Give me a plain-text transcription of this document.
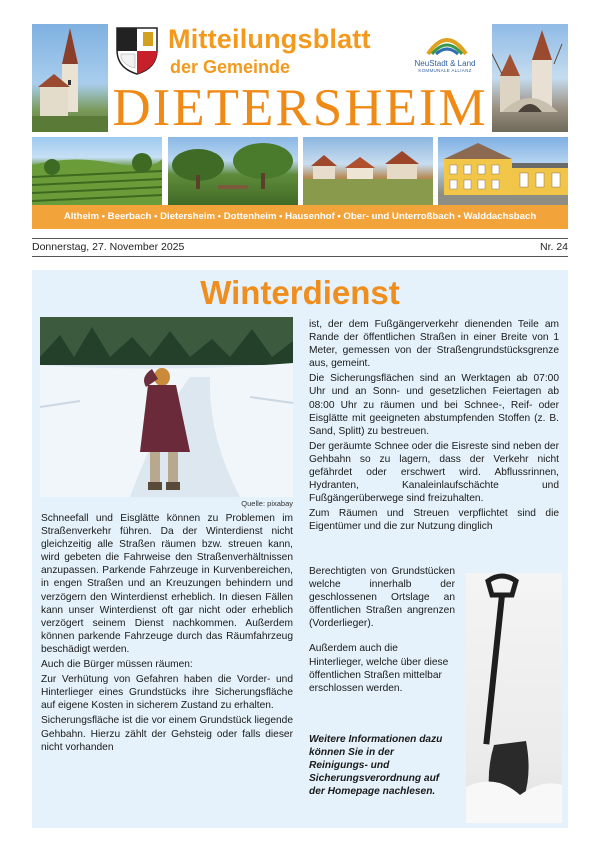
Mitteilungsblatt
der Gemeinde
DIETERSHEIM
NeuStadt & Land
KOMMUNALE ALLIANZ
Altheim • Beerbach • Dietersheim • Dottenheim • Hausenhof • Ober- und Unterroßbach • Walddachsbach
Donnerstag, 27. November 2025	Nr. 24
Winterdienst
Quelle: pixabay

Schneefall und Eisglätte können zu Problemen im Straßenverkehr führen. Da der Winterdienst nicht gleichzeitig alle Straßen räumen bzw. streuen kann, wird gebeten die Fahrweise den Straßenverhältnissen anzupassen. Parkende Fahrzeuge in Kurvenbereichen, in engen Straßen und an Kreuzungen behindern und verzögern den Winterdienst erheblich. In diesen Fällen kann unser Winterdienst oft gar nicht oder erheblich verzögert seinem Dienst nachkommen. Außerdem können parkende Fahrzeuge durch das Räumfahrzeug beschädigt werden.

Auch die Bürger müssen räumen:

Zur Verhütung von Gefahren haben die Vorder- und Hinterlieger eines Grundstücks ihre Sicherungsfläche auf eigene Kosten in sicherem Zustand zu erhalten.

Sicherungsfläche ist die vor einem Grundstück liegende Gehbahn. Hierzu zählt der Gehsteig oder falls dieser nicht vorhanden

ist, der dem Fußgängerverkehr dienenden Teile am Rande der öffentlichen Straßen in einer Breite von 1 Meter, gemessen von der Straßengrundstücksgrenze aus, gemeint.

Die Sicherungsflächen sind an Werktagen ab 07:00 Uhr und an Sonn- und gesetzlichen Feiertagen ab 08:00 Uhr zu räumen und bei Schnee-, Reif- oder Eisglätte mit geeigneten abstumpfenden Stoffen (z. B. Sand, Splitt) zu bestreuen.

Der geräumte Schnee oder die Eisreste sind neben der Gehbahn so zu lagern, dass der Verkehr nicht gefährdet oder erschwert wird. Abflussrinnen, Hydranten, Kanaleinlaufschächte und Fußgängerüberwege sind freizuhalten.

Zum Räumen und Streuen verpflichtet sind die Eigentümer und die zur Nutzung dinglich

Berechtigten von Grundstücken welche innerhalb der geschlossenen Ortslage an öffentlichen Straßen angrenzen (Vorderlieger).

Außerdem auch die Hinterlieger, welche über diese öffentlichen Straßen mittelbar erschlossen werden.

Weitere Informationen dazu können Sie in der Reinigungs- und Sicherungsverordnung auf der Homepage nachlesen.
